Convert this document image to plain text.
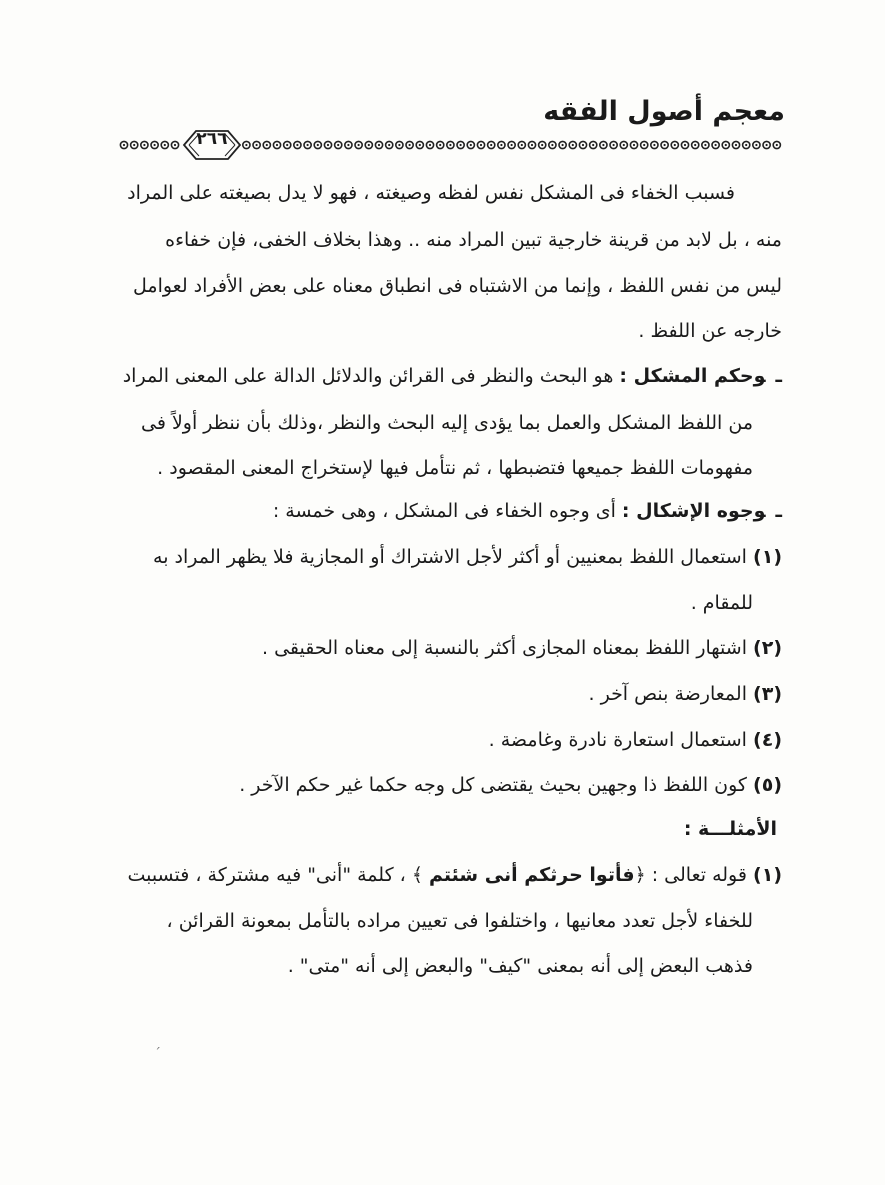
معجم أصول الفقه
٢٦٦
فسبب الخفاء فى المشكل نفس لفظه وصيغته ، فهو لا يدل بصيغته على المراد
منه ، بل لابد من قرينة خارجية تبين المراد منه .. وهذا بخلاف الخفى، فإن خفاءه
ليس من نفس اللفظ ، وإنما من الاشتباه فى انطباق معناه على بعض الأفراد لعوامل
خارجه عن اللفظ .
ـوحكم المشكل : هو البحث والنظر فى القرائن والدلائل الدالة على المعنى المراد
من اللفظ المشكل والعمل بما يؤدى إليه البحث والنظر ،وذلك بأن ننظر أولاً فى
مفهومات اللفظ جميعها فتضبطها ، ثم نتأمل فيها لإستخراج المعنى المقصود .
ـوجوه الإشكال : أى وجوه الخفاء فى المشكل ، وهى خمسة :
(١) استعمال اللفظ بمعنيين أو أكثر لأجل الاشتراك أو المجازية فلا يظهر المراد به
للمقام .
(٢) اشتهار اللفظ بمعناه المجازى أكثر بالنسبة إلى معناه الحقيقى .
(٣) المعارضة بنص آخر .
(٤) استعمال استعارة نادرة وغامضة .
(٥) كون اللفظ ذا وجهين بحيث يقتضى كل وجه حكما غير حكم الآخر .
الأمثلـــة :
(١) قوله تعالى : ﴿فأتوا حرثكم أنى شئتم ﴾ ، كلمة "أنى" فيه مشتركة ، فتسببت
للخفاء لأجل تعدد معانيها ، واختلفوا فى تعيين مراده بالتأمل بمعونة القرائن ،
فذهب البعض إلى أنه بمعنى "كيف" والبعض إلى أنه "متى" .
´
